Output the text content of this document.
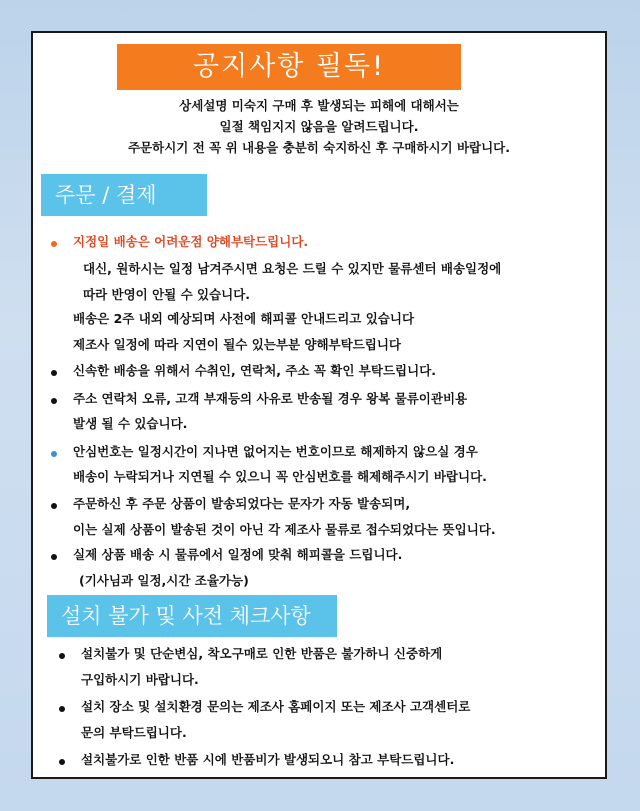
공지사항 필독!
상세설명 미숙지 구매 후 발생되는 피해에 대해서는
일절 책임지지 않음을 알려드립니다.
주문하시기 전 꼭 위 내용을 충분히 숙지하신 후 구매하시기 바랍니다.
주문 / 결제
지정일 배송은 어려운점 양해부탁드립니다.
대신, 원하시는 일정 남겨주시면 요청은 드릴 수 있지만 물류센터 배송일정에
따라 반영이 안될 수 있습니다.
배송은 2주 내외 예상되며 사전에 해피콜 안내드리고 있습니다
제조사 일정에 따라 지연이 될수 있는부분 양해부탁드립니다
신속한 배송을 위해서 수취인, 연락처, 주소 꼭 확인 부탁드립니다.
주소 연락처 오류, 고객 부재등의 사유로 반송될 경우 왕복 물류이관비용
발생 될 수 있습니다.
안심번호는 일정시간이 지나면 없어지는 번호이므로 해제하지 않으실 경우
배송이 누락되거나 지연될 수 있으니 꼭 안심번호를 해제해주시기 바랍니다.
주문하신 후 주문 상품이 발송되었다는 문자가 자동 발송되며,
이는 실제 상품이 발송된 것이 아닌 각 제조사 물류로 접수되었다는 뜻입니다.
실제 상품 배송 시 물류에서 일정에 맞춰 해피콜을 드립니다.
(기사님과 일정,시간 조율가능)
설치 불가 및 사전 체크사항
설치불가 및 단순변심, 착오구매로 인한 반품은 불가하니 신중하게
구입하시기 바랍니다.
설치 장소 및 설치환경 문의는 제조사 홈페이지 또는 제조사 고객센터로
문의 부탁드립니다.
설치불가로 인한 반품 시에 반품비가 발생되오니 참고 부탁드립니다.
